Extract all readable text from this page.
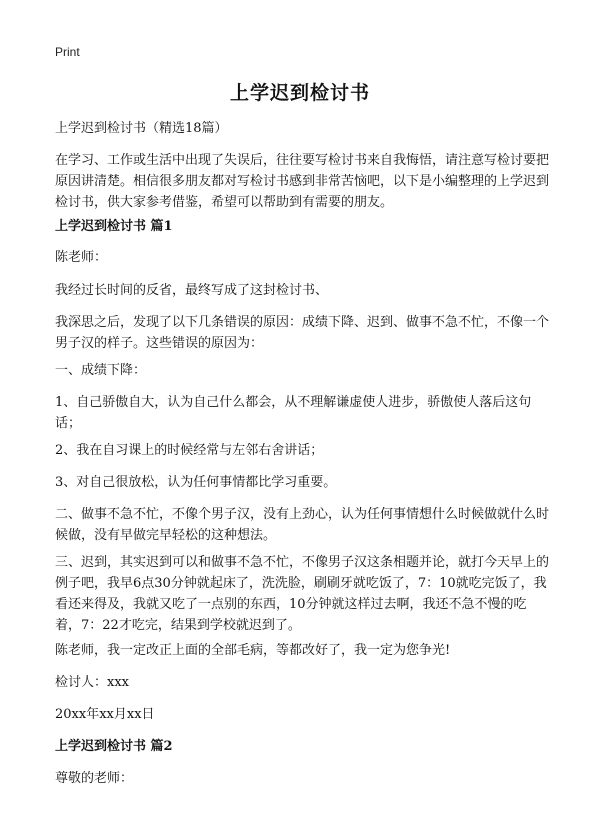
Print
上学迟到检讨书

上学迟到检讨书（精选18篇）

在学习、工作或生活中出现了失误后，往往要写检讨书来自我悔悟，请注意写检讨要把原因讲清楚。相信很多朋友都对写检讨书感到非常苦恼吧，以下是小编整理的上学迟到检讨书，供大家参考借鉴，希望可以帮助到有需要的朋友。

上学迟到检讨书 篇1

陈老师：

我经过长时间的反省，最终写成了这封检讨书、

我深思之后，发现了以下几条错误的原因：成绩下降、迟到、做事不急不忙，不像一个男子汉的样子。这些错误的原因为：

一、成绩下降：

1、自己骄傲自大，认为自己什么都会，从不理解谦虚使人进步，骄傲使人落后这句话；

2、我在自习课上的时候经常与左邻右舍讲话；

3、对自己很放松，认为任何事情都比学习重要。

二、做事不急不忙，不像个男子汉，没有上劲心，认为任何事情想什么时候做就什么时候做，没有早做完早轻松的这种想法。

三、迟到，其实迟到可以和做事不急不忙，不像男子汉这条相题并论，就打今天早上的例子吧，我早6点30分钟就起床了，洗洗脸，刷刷牙就吃饭了，7：10就吃完饭了，我看还来得及，我就又吃了一点别的东西，10分钟就这样过去啊，我还不急不慢的吃着，7：22才吃完，结果到学校就迟到了。

陈老师，我一定改正上面的全部毛病，等都改好了，我一定为您争光!

检讨人：xxx

20xx年xx月xx日

上学迟到检讨书 篇2

尊敬的老师：
